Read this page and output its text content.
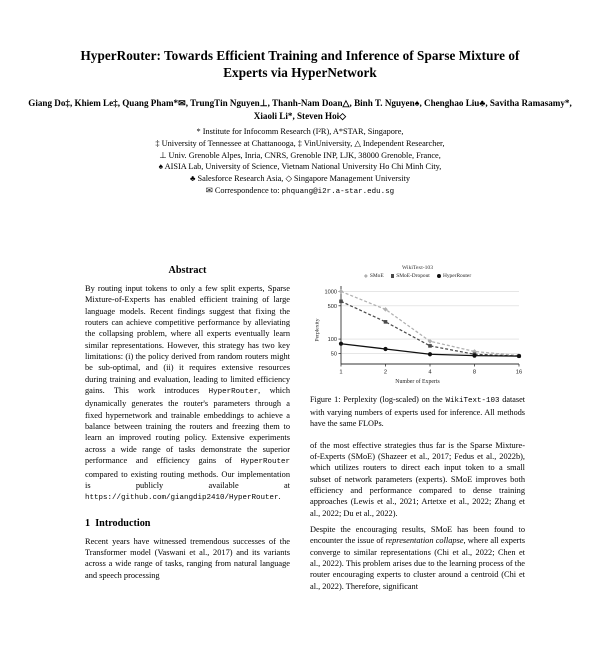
HyperRouter: Towards Efficient Training and Inference of Sparse Mixture of Experts via HyperNetwork
Giang Do‡, Khiem Le‡, Quang Pham*✉, TrungTin Nguyen⊥, Thanh-Nam Doan△, Binh T. Nguyen♠, Chenghao Liu♣, Savitha Ramasamy*, Xiaoli Li*, Steven Hoi◇
* Institute for Infocomm Research (I²R), A*STAR, Singapore,
‡ University of Tennessee at Chattanooga, ‡ VinUniversity, △ Independent Researcher,
⊥ Univ. Grenoble Alpes, Inria, CNRS, Grenoble INP, LJK, 38000 Grenoble, France,
♠ AISIA Lab, University of Science, Vietnam National University Ho Chi Minh City,
♣ Salesforce Research Asia, ◇ Singapore Management University
✉ Correspondence to: phquang@i2r.a-star.edu.sg
Abstract

By routing input tokens to only a few split experts, Sparse Mixture-of-Experts has enabled efficient training of large language models. Recent findings suggest that fixing the routers can achieve competitive performance by alleviating the collapsing problem, where all experts eventually learn similar representations. However, this strategy has two key limitations: (i) the policy derived from random routers might be sub-optimal, and (ii) it requires extensive resources during training and evaluation, leading to limited efficiency gains. This work introduces HyperRouter, which dynamically generates the router's parameters through a fixed hypernetwork and trainable embeddings to achieve a balance between training the routers and freezing them to learn an improved routing policy. Extensive experiments across a wide range of tasks demonstrate the superior performance and efficiency gains of HyperRouter compared to existing routing methods. Our implementation is publicly available at https://github.com/giangdip2410/HyperRouter.

1 Introduction

Recent years have witnessed tremendous successes of the Transformer model (Vaswani et al., 2017) and its variants across a wide range of tasks, ranging from natural language and speech processing

WikiText-103
SMoE SMoE-Dropout HyperRouter
Perplexity
1000
500
100
50
1	2	4	8	16
Number of Experts
Figure 1: Perplexity (log-scaled) on the WikiText-103 dataset with varying numbers of experts used for inference. All methods have the same FLOPs.

of the most effective strategies thus far is the Sparse Mixture-of-Experts (SMoE) (Shazeer et al., 2017; Fedus et al., 2022b), which utilizes routers to direct each input token to a small subset of network parameters (experts). SMoE improves both efficiency and performance compared to dense training approaches (Lewis et al., 2021; Artetxe et al., 2022; Zhang et al., 2022; Du et al., 2022).

Despite the encouraging results, SMoE has been found to encounter the issue of representation collapse, where all experts converge to similar representations (Chi et al., 2022; Chen et al., 2022). This problem arises due to the learning process of the router encouraging experts to cluster around a centroid (Chi et al., 2022). Therefore, significant
